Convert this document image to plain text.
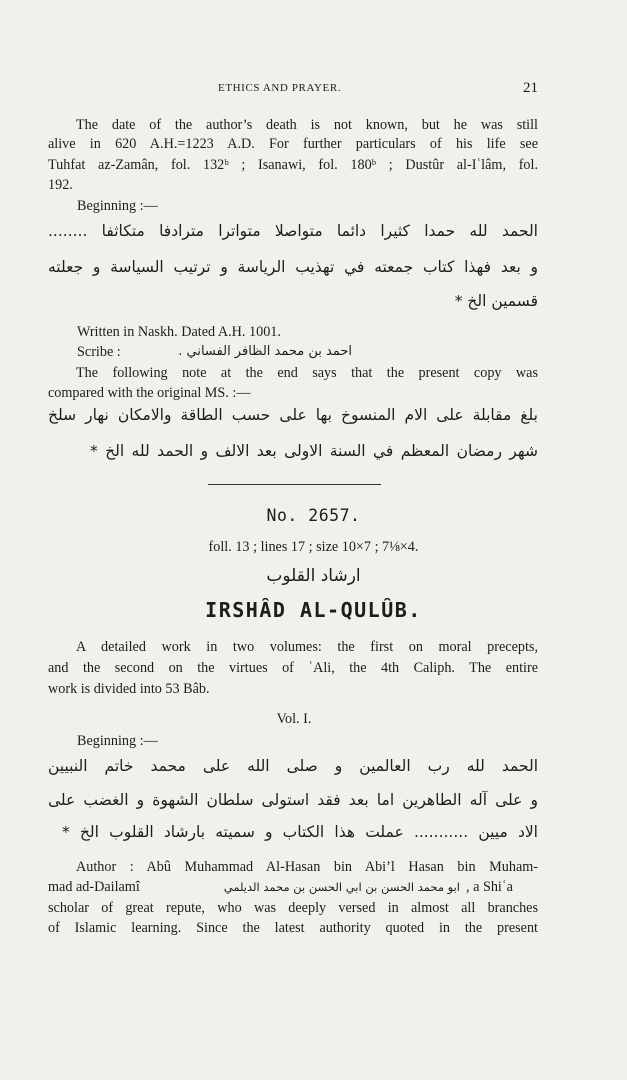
ETHICS AND PRAYER.	21
The date of the author’s death is not known, but he was still
alive in 620 A.H.=1223 A.D. For further particulars of his life see
Tuhfat az-Zamân, fol. 132ᵇ ; Isanawi, fol. 180ᵇ ; Dustûr al-Iʿlâm, fol.
192.
Beginning :—
الحمد لله حمدا كثيرا دائما متواصلا متواترا مترادفا متكاثفا ........
و بعد فهذا كتاب جمعته في تهذيب الرياسة و ترتيب السياسة و جعلته
قسمين الخ *
Written in Naskh. Dated A.H. 1001.
Scribe :	احمد بن محمد الظافر الفساني .
The following note at the end says that the present copy was
compared with the original MS. :—
بلغ مقابلة على الام المنسوخ بها على حسب الطاقة والامكان نهار سلخ
شهر رمضان المعظم في السنة الاولى بعد الالف و الحمد لله الخ *
No. 2657.
foll. 13 ; lines 17 ; size 10×7 ; 7⅛×4.
ارشاد القلوب
IRSHÂD AL-QULÛB.
A detailed work in two volumes: the first on moral precepts,
and the second on the virtues of ʿAli, the 4th Caliph. The entire
work is divided into 53 Bâb.
Vol. I.
Beginning :—
الحمد لله رب العالمين و صلى الله على محمد خاتم النبيين
و على آله الطاهرين اما بعد فقد استولى سلطان الشهوة و الغضب على
الاد ميين ........... عملت هذا الكتاب و سميته بارشاد القلوب الخ *
Author : Abû Muhammad Al-Hasan bin Abi’l Hasan bin Muham-
mad ad-Dailamî	ابو محمد الحسن بن ابي الحسن بن محمد الديلمي , a Shiʿa
scholar of great repute, who was deeply versed in almost all branches
of Islamic learning. Since the latest authority quoted in the present
